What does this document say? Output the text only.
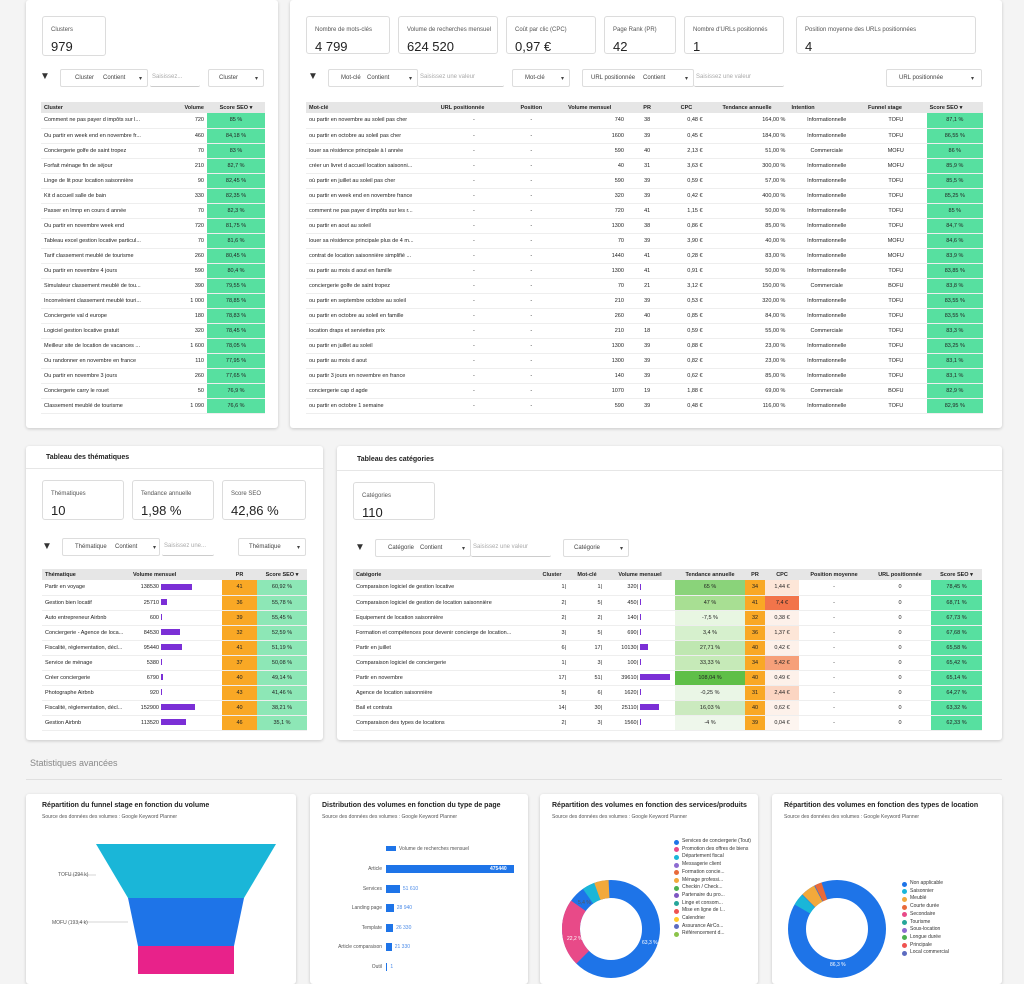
Clusters
979
▼	Cluster Contient ▾ Saisissez...	Cluster	▾
Cluster	Volume	Score SEO ▾
Comment ne pas payer d impôts sur l...	720	85 %
Ou partir en week end en novembre fr...	460	84,18 %
Conciergerie golfe de saint tropez	70	83 %
Forfait ménage fin de séjour	210	82,7 %
Linge de lit pour location saisonnière	90	82,45 %
Kit d accueil salle de bain	330	82,35 %
Passer en lmnp en cours d année	70	82,3 %
Ou partir en novembre week end	720	81,75 %
Tableau excel gestion locative particul...	70	81,6 %
Tarif classement meublé de tourisme	260	80,45 %
Ou partir en novembre 4 jours	590	80,4 %
Simulateur classement meublé de tou...	390	79,55 %
Inconvénient classement meublé touri...	1 000	78,85 %
Conciergerie val d europe	180	78,83 %
Logiciel gestion locative gratuit	320	78,45 %
Meilleur site de location de vacances ...	1 600	78,05 %
Ou randonner en novembre en france	110	77,95 %
Ou partir en novembre 3 jours	260	77,65 %
Conciergerie carry le rouet	50	76,9 %
Classement meublé de tourisme	1 090	76,6 %
Nombre de mots-clés
4 799
Volume de recherches mensuel
624 520
Coût par clic (CPC)
0,97 €
Page Rank (PR)
42
Nombre d'URLs positionnés
1
Position moyenne des URLs positionnées
4
▼	Mot-clé Contient	▾ Saisissez une valeur	Mot-clé	▾	URL positionnée Contient	▾ Saisissez une valeur	URL positionnée	▾
Mot-clé	URL positionnée	Position	Volume mensuel	PR	CPC	Tendance annuelle	Intention	Funnel stage	Score SEO ▾
ou partir en novembre au soleil pas cher	-	-	740	38	0,48 €	164,00 %	Informationnelle	TOFU	87,1 %
ou partir en octobre au soleil pas cher	-	-	1600	39	0,45 €	184,00 %	Informationnelle	TOFU	86,55 %
louer sa résidence principale à l année	-	-	590	40	2,13 €	51,00 %	Commerciale	MOFU	86 %
créer un livret d accueil location saisonni...	-	-	40	31	3,63 €	300,00 %	Informationnelle	MOFU	85,9 %
où partir en juillet au soleil pas cher	-	-	590	39	0,59 €	57,00 %	Informationnelle	TOFU	85,5 %
ou partir en week end en novembre france	-	-	320	39	0,42 €	400,00 %	Informationnelle	TOFU	85,25 %
comment ne pas payer d impôts sur les r...	-	-	720	41	1,15 €	50,00 %	Informationnelle	TOFU	85 %
ou partir en aout au soleil	-	-	1300	38	0,86 €	85,00 %	Informationnelle	TOFU	84,7 %
louer sa résidence principale plus de 4 m...	-	-	70	39	3,90 €	40,00 %	Informationnelle	MOFU	84,6 %
contrat de location saisonnière simplifié ...	-	-	1440	41	0,28 €	83,00 %	Informationnelle	MOFU	83,9 %
ou partir au mois d aout en famille	-	-	1300	41	0,91 €	50,00 %	Informationnelle	TOFU	83,85 %
conciergerie golfe de saint tropez	-	-	70	21	3,12 €	150,00 %	Commerciale	BOFU	83,8 %
ou partir en septembre octobre au soleil	-	-	210	39	0,53 €	320,00 %	Informationnelle	TOFU	83,55 %
ou partir en octobre au soleil en famille	-	-	260	40	0,85 €	84,00 %	Informationnelle	TOFU	83,55 %
location draps et serviettes prix	-	-	210	18	0,59 €	55,00 %	Commerciale	TOFU	83,3 %
ou partir en juillet au soleil	-	-	1300	39	0,88 €	23,00 %	Informationnelle	TOFU	83,25 %
ou partir au mois d aout	-	-	1300	39	0,82 €	23,00 %	Informationnelle	TOFU	83,1 %
ou partir 3 jours en novembre en france	-	-	140	39	0,62 €	85,00 %	Informationnelle	TOFU	83,1 %
conciergerie cap d agde	-	-	1070	19	1,88 €	69,00 %	Commerciale	BOFU	82,9 %
ou partir en octobre 1 semaine	-	-	590	39	0,48 €	116,00 %	Informationnelle	TOFU	82,95 %
Tableau des thématiques
Thématiques
10
Tendance annuelle
1,98 %
Score SEO
42,86 %
▼	Thématique Contient	▾ Saisissez une...	Thématique	▾
Thématique	Volume mensuel	PR	Score SEO ▾
Partir en voyage	138530	41	60,92 %
Gestion bien locatif	25710	36	55,78 %
Auto entrepreneur Airbnb	600	39	55,45 %
Conciergerie - Agence de loca...	84530	32	52,59 %
Fiscalité, réglementation, décl...	95440	41	51,19 %
Service de ménage	5380	37	50,08 %
Créer conciergerie	6790	40	49,14 %
Photographe Airbnb	920	43	41,46 %
Fiscalité, réglementation, décl...	152900	40	38,21 %
Gestion Airbnb	113520	46	35,1 %
Tableau des catégories
Catégories
110
▼	Catégorie Contient	▾ Saisissez une valeur	Catégorie	▾
Catégorie	Cluster	Mot-clé	Volume mensuel	Tendance annuelle	PR	CPC	Position moyenne	URL positionnée	Score SEO ▾
Comparaison logiciel de gestion locative	1|	1|	320|	65 %	34	1,44 €	-	0	78,45 %
Comparaison logiciel de gestion de location saisonnière	2|	5|	450|	47 %	41	7,4 €	-	0	68,71 %
Equipement de location saisonnière	2|	2|	140|	-7,5 %	32	0,38 €	-	0	67,73 %
Formation et compétences pour devenir concierge de location...	3|	5|	690|	3,4 %	36	1,37 €	-	0	67,68 %
Partir en juillet	6|	17|	10130|	27,71 %	40	0,42 €	-	0	65,58 %
Comparaison logiciel de conciergerie	1|	3|	100|	33,33 %	34	5,42 €	-	0	65,42 %
Partir en novembre	17|	51|	39610|	108,04 %	40	0,49 €	-	0	65,14 %
Agence de location saisonnière	5|	6|	1620|	-0,25 %	31	2,44 €	-	0	64,27 %
Bail et contrats	14|	30|	25110|	16,03 %	40	0,62 €	-	0	63,32 %
Comparaison des types de locations	2|	3|	1560|	-4 %	39	0,04 €	-	0	62,33 %
Statistiques avancées
Répartition du funnel stage en fonction du volume
Source des données des volumes : Google Keyword Planner
TOFU (294 k)
MOFU (193,4 k)
Distribution des volumes en fonction du type de page
Source des données des volumes : Google Keyword Planner
Volume de recherches mensuel
Article	475440
Services	51 610
Landing page	28 940
Template	26 330
Article comparaison	21 330
Outil 1
Répartition des volumes en fonction des services/produits
Source des données des volumes : Google Keyword Planner
63,3 %
22,2 %
5,4 %
Services de conciergerie (Tout)
Promotion des offres de biens
Département fiscal
Messagerie client
Formation concie...
Ménage professi...
Checkin / Check...
Partenaire du pro...
Linge et consom...
Mise en ligne de l...
Calendrier
Assurance AirCo...
Référencement d...
Répartition des volumes en fonction des types de location
Source des données des volumes : Google Keyword Planner
86,3 %
Non applicable
Saisonnier
Meublé
Courte durée
Secondaire
Tourisme
Sous-location
Longue durée
Principale
Local commercial
